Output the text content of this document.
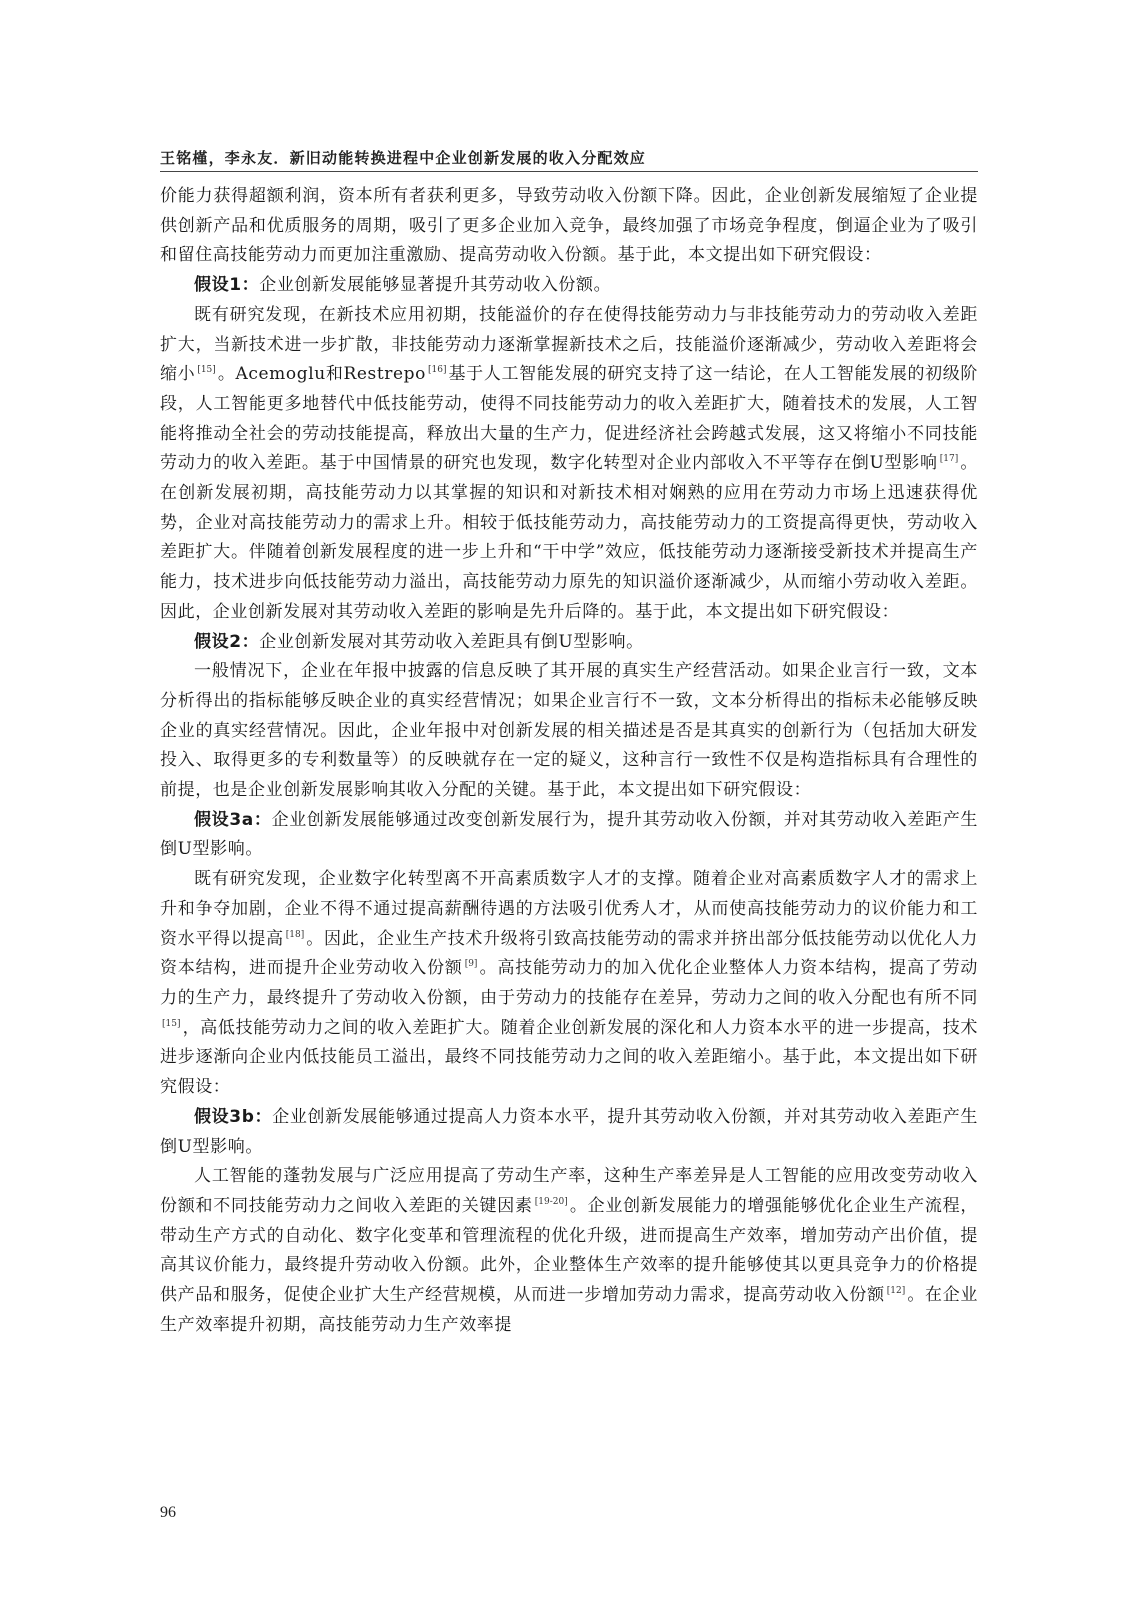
王铭槿，李永友．新旧动能转换进程中企业创新发展的收入分配效应

价能力获得超额利润，资本所有者获利更多，导致劳动收入份额下降。因此，企业创新发展缩短了企业提供创新产品和优质服务的周期，吸引了更多企业加入竞争，最终加强了市场竞争程度，倒逼企业为了吸引和留住高技能劳动力而更加注重激励、提高劳动收入份额。基于此，本文提出如下研究假设：

假设1：企业创新发展能够显著提升其劳动收入份额。

既有研究发现，在新技术应用初期，技能溢价的存在使得技能劳动力与非技能劳动力的劳动收入差距扩大，当新技术进一步扩散，非技能劳动力逐渐掌握新技术之后，技能溢价逐渐减少，劳动收入差距将会缩小 [15] 。Acemoglu和Restrepo [16] 基于人工智能发展的研究支持了这一结论，在人工智能发展的初级阶段，人工智能更多地替代中低技能劳动，使得不同技能劳动力的收入差距扩大，随着技术的发展，人工智能将推动全社会的劳动技能提高，释放出大量的生产力，促进经济社会跨越式发展，这又将缩小不同技能劳动力的收入差距。基于中国情景的研究也发现，数字化转型对企业内部收入不平等存在倒U型影响 [17] 。在创新发展初期，高技能劳动力以其掌握的知识和对新技术相对娴熟的应用在劳动力市场上迅速获得优势，企业对高技能劳动力的需求上升。相较于低技能劳动力，高技能劳动力的工资提高得更快，劳动收入差距扩大。伴随着创新发展程度的进一步上升和“干中学”效应，低技能劳动力逐渐接受新技术并提高生产能力，技术进步向低技能劳动力溢出，高技能劳动力原先的知识溢价逐渐减少，从而缩小劳动收入差距。因此，企业创新发展对其劳动收入差距的影响是先升后降的。基于此，本文提出如下研究假设：

假设2：企业创新发展对其劳动收入差距具有倒U型影响。

一般情况下，企业在年报中披露的信息反映了其开展的真实生产经营活动。如果企业言行一致，文本分析得出的指标能够反映企业的真实经营情况；如果企业言行不一致，文本分析得出的指标未必能够反映企业的真实经营情况。因此，企业年报中对创新发展的相关描述是否是其真实的创新行为（包括加大研发投入、取得更多的专利数量等）的反映就存在一定的疑义，这种言行一致性不仅是构造指标具有合理性的前提，也是企业创新发展影响其收入分配的关键。基于此，本文提出如下研究假设：

假设3a：企业创新发展能够通过改变创新发展行为，提升其劳动收入份额，并对其劳动收入差距产生倒U型影响。

既有研究发现，企业数字化转型离不开高素质数字人才的支撑。随着企业对高素质数字人才的需求上升和争夺加剧，企业不得不通过提高薪酬待遇的方法吸引优秀人才，从而使高技能劳动力的议价能力和工资水平得以提高 [18] 。因此，企业生产技术升级将引致高技能劳动的需求并挤出部分低技能劳动以优化人力资本结构，进而提升企业劳动收入份额 [9] 。高技能劳动力的加入优化企业整体人力资本结构，提高了劳动力的生产力，最终提升了劳动收入份额，由于劳动力的技能存在差异，劳动力之间的收入分配也有所不同[15] ，高低技能劳动力之间的收入差距扩大。随着企业创新发展的深化和人力资本水平的进一步提高，技术进步逐渐向企业内低技能员工溢出，最终不同技能劳动力之间的收入差距缩小。基于此，本文提出如下研究假设：

假设3b：企业创新发展能够通过提高人力资本水平，提升其劳动收入份额，并对其劳动收入差距产生倒U型影响。

人工智能的蓬勃发展与广泛应用提高了劳动生产率，这种生产率差异是人工智能的应用改变劳动收入份额和不同技能劳动力之间收入差距的关键因素 [19-20] 。企业创新发展能力的增强能够优化企业生产流程，带动生产方式的自动化、数字化变革和管理流程的优化升级，进而提高生产效率，增加劳动产出价值，提高其议价能力，最终提升劳动收入份额。此外，企业整体生产效率的提升能够使其以更具竞争力的价格提供产品和服务，促使企业扩大生产经营规模，从而进一步增加劳动力需求，提高劳动收入份额 [12] 。在企业生产效率提升初期，高技能劳动力生产效率提

96
